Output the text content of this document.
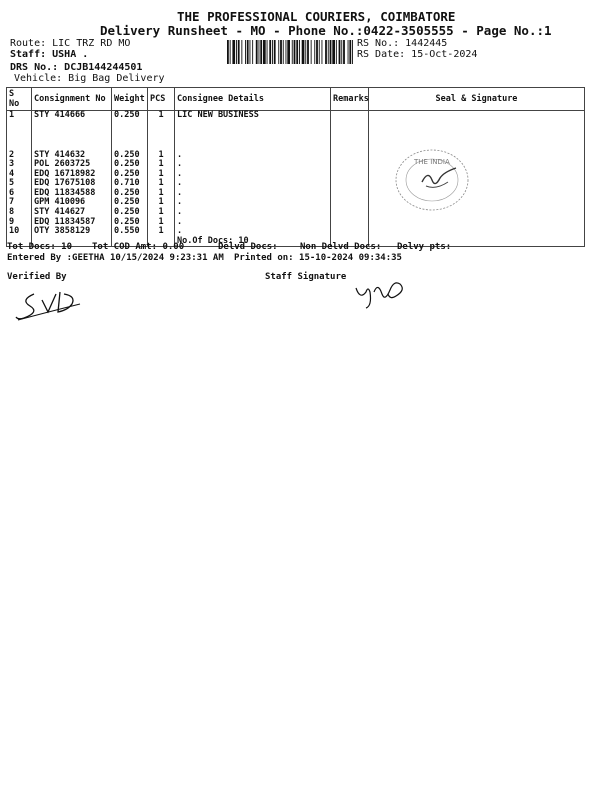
THE PROFESSIONAL COURIERS, COIMBATORE
Delivery Runsheet - MO - Phone No.:0422-3505555 - Page No.:1
Route: LIC TRZ RD MO
Staff: USHA .
DRS No.: DCJB144244501
Vehicle: Big Bag Delivery
RS No.: 1442445
RS Date: 15-Oct-2024
S No	Consignment No	Weight	PCS	Consignee Details	Remarks	Seal & Signature
1	STY 414666	0.250	1	LIC NEW BUSINESS		
2	STY 414632	0.250	1	.		
3	POL 2603725	0.250	1	.		
4	EDQ 16718982	0.250	1	.		
5	EDQ 17675108	0.710	1	.		
6	EDQ 11834588	0.250	1	.		
7	GPM 410096	0.250	1	.		
8	STY 414627	0.250	1	.		
9	EDQ 11834587	0.250	1	.		
10	OTY 3858129	0.550	1	.		
				No.Of Docs: 10		
THE INDIA
Tot Docs: 10 Tot COD Amt: 0.00	Delvd Docs: Non Delvd Docs: Delvy pts:
Entered By :GEETHA 10/15/2024 9:23:31 AM Printed on: 15-10-2024 09:34:35
Verified By	Staff Signature
